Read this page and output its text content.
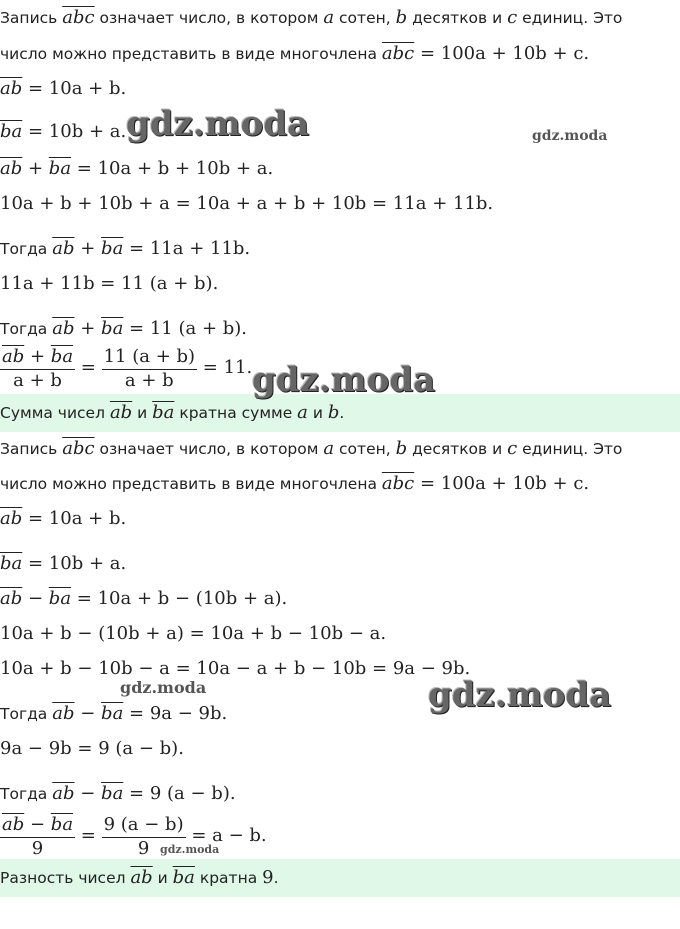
Запись $\overline{abc}$ означает число, в котором a сотен, b десятков и c единиц. Это
число можно представить в виде многочлена $\overline{abc} = 100a + 10b + c$.
$\overline{ab} = 10a + b$.
$\overline{ba} = 10b + a$.
$\overline{ab} + \overline{ba} = 10a + b + 10b + a$.
10a + b + 10b + a = 10a + a + b + 10b = 11a + 11b.
Тогда $\overline{ab} + \overline{ba} = 11a + 11b$.
11a + 11b = 11 (a + b).
Тогда $\overline{ab} + \overline{ba} = 11$ (a + b).
$\frac{\overline{ab} + \overline{ba}}{a + b} = \frac{11 (a + b)}{a + b} = 11$.
Сумма чисел $\overline{ab}$ и $\overline{ba}$ кратна сумме a и b.
Запись $\overline{abc}$ означает число, в котором a сотен, b десятков и c единиц. Это
число можно представить в виде многочлена $\overline{abc} = 100a + 10b + c$.
$\overline{ab} = 10a + b$.
$\overline{ba} = 10b + a$.
$\overline{ab} - \overline{ba} = 10a + b - (10b + a)$.
10a + b − (10b + a) = 10a + b − 10b − a.
10a + b − 10b − a = 10a − a + b − 10b = 9a − 9b.
Тогда $\overline{ab} - \overline{ba} = 9a - 9b$.
9a − 9b = 9 (a − b).
Тогда $\overline{ab} - \overline{ba} = 9$ (a − b).
$\frac{\overline{ab} - \overline{ba}}{9} = \frac{9 (a - b)}{9} = a - b$.
Разность чисел $\overline{ab}$ и $\overline{ba}$ кратна 9.
gdz.moda	gdz.moda
gdz.moda
gdz.moda	gdz.moda
gdz.moda
